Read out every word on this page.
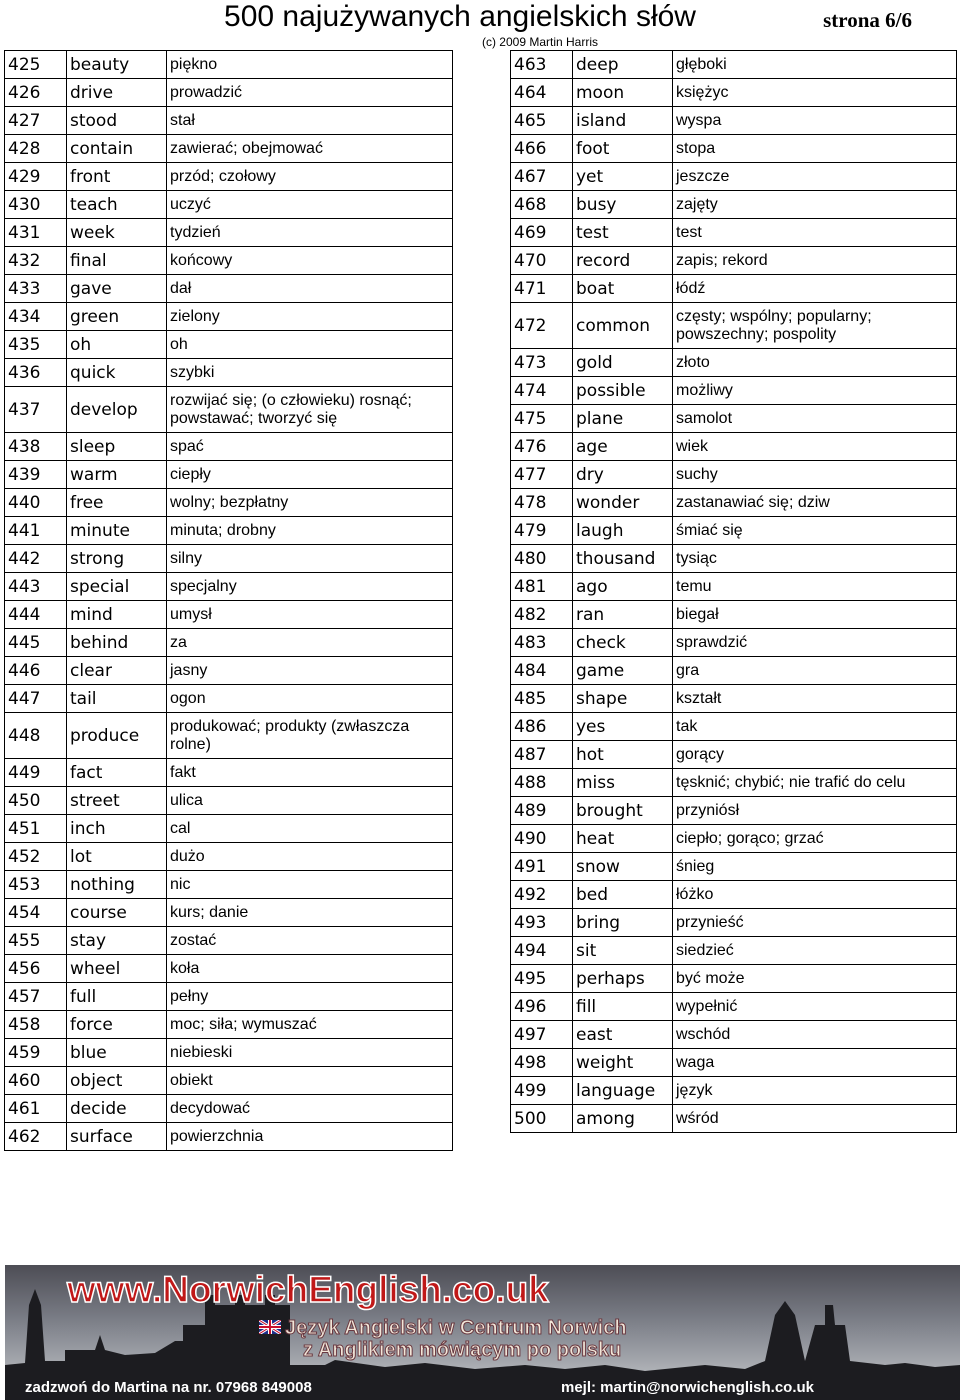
500 najużywanych angielskich słów
(c) 2009 Martin Harris
strona 6/6
425	beauty	piękno
426	drive	prowadzić
427	stood	stał
428	contain	zawierać; obejmować
429	front	przód; czołowy
430	teach	uczyć
431	week	tydzień
432	final	końcowy
433	gave	dał
434	green	zielony
435	oh	oh
436	quick	szybki
437	develop	rozwijać się; (o człowieku) rosnąć; powstawać; tworzyć się
438	sleep	spać
439	warm	ciepły
440	free	wolny; bezpłatny
441	minute	minuta; drobny
442	strong	silny
443	special	specjalny
444	mind	umysł
445	behind	za
446	clear	jasny
447	tail	ogon
448	produce	produkować; produkty (zwłaszcza rolne)
449	fact	fakt
450	street	ulica
451	inch	cal
452	lot	dużo
453	nothing	nic
454	course	kurs; danie
455	stay	zostać
456	wheel	koła
457	full	pełny
458	force	moc; siła; wymuszać
459	blue	niebieski
460	object	obiekt
461	decide	decydować
462	surface	powierzchnia
463	deep	głęboki
464	moon	księżyc
465	island	wyspa
466	foot	stopa
467	yet	jeszcze
468	busy	zajęty
469	test	test
470	record	zapis; rekord
471	boat	łódź
472	common	częsty; wspólny; popularny; powszechny; pospolity
473	gold	złoto
474	possible	możliwy
475	plane	samolot
476	age	wiek
477	dry	suchy
478	wonder	zastanawiać się; dziw
479	laugh	śmiać się
480	thousand	tysiąc
481	ago	temu
482	ran	biegał
483	check	sprawdzić
484	game	gra
485	shape	kształt
486	yes	tak
487	hot	gorący
488	miss	tęsknić; chybić; nie trafić do celu
489	brought	przyniósł
490	heat	ciepło; gorąco; grzać
491	snow	śnieg
492	bed	łóżko
493	bring	przynieść
494	sit	siedzieć
495	perhaps	być może
496	fill	wypełnić
497	east	wschód
498	weight	waga
499	language	język
500	among	wśród
www.NorwichEnglish.co.uk
Język Angielski w Centrum Norwich
z Anglikiem mówiącym po polsku
zadzwoń do Martina na nr. 07968 849008	mejl: martin@norwichenglish.co.uk
